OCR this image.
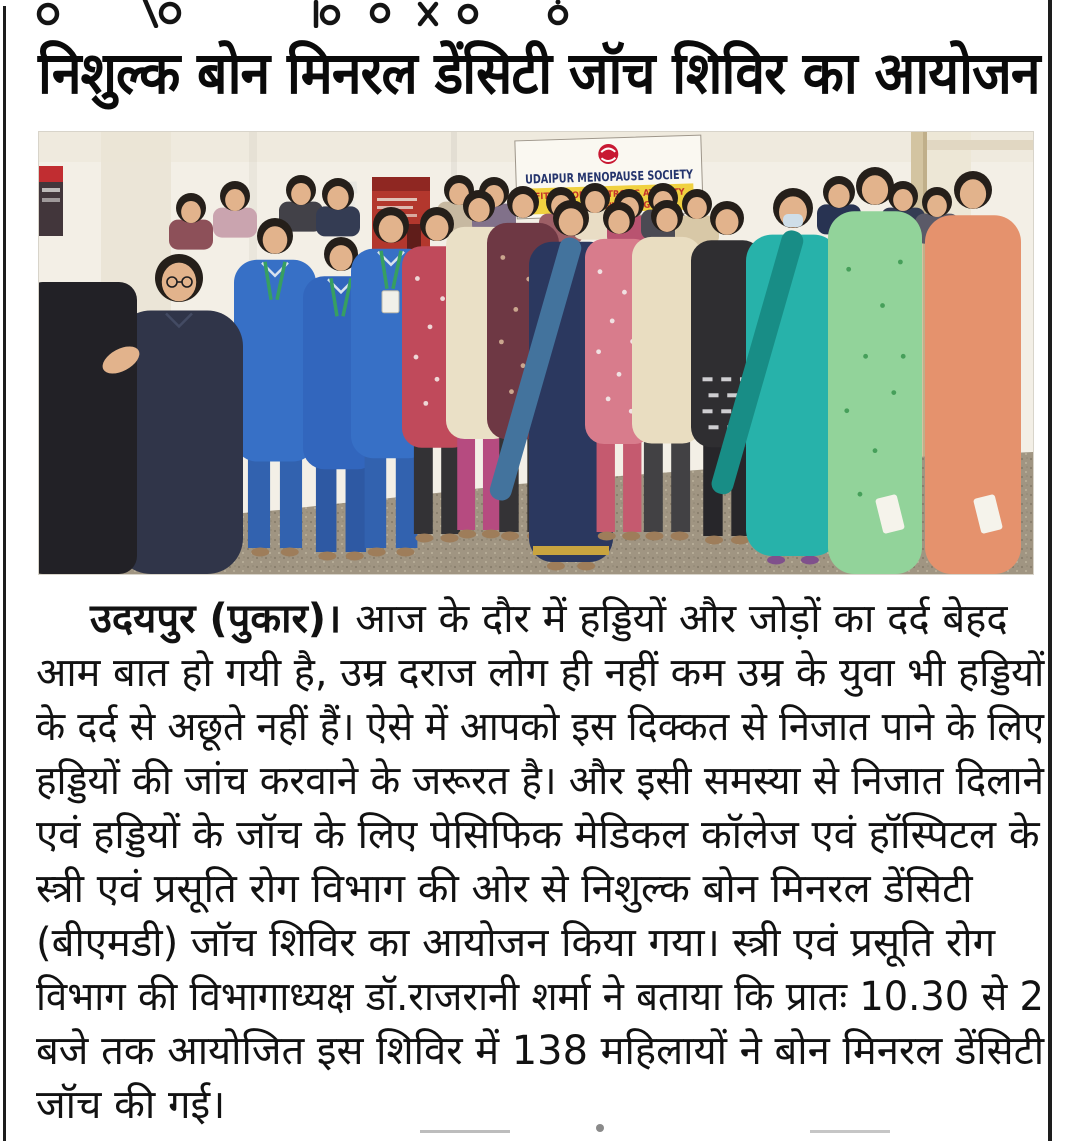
निशुल्क बोन मिनरल डेंसिटी जॉच शिविर का आयोजन
UDAIPUR MENOPAUSE SOCIETY
FIT AT FORTY, STRONG AT SIXTY
उदयपुर (पुकार)। आज के दौर में हड्डियों और जोड़ों का दर्द बेहद
आम बात हो गयी है, उम्र दराज लोग ही नहीं कम उम्र के युवा भी हड्डियों
के दर्द से अछूते नहीं हैं। ऐसे में आपको इस दिक्कत से निजात पाने के लिए
हड्डियों की जांच करवाने के जरूरत है। और इसी समस्या से निजात दिलाने
एवं हड्डियों के जॉच के लिए पेसिफिक मेडिकल कॉलेज एवं हॉस्पिटल के
स्त्री एवं प्रसूति रोग विभाग की ओर से निशुल्क बोन मिनरल डेंसिटी
(बीएमडी) जॉच शिविर का आयोजन किया गया। स्त्री एवं प्रसूति रोग
विभाग की विभागाध्यक्ष डॉ.राजरानी शर्मा ने बताया कि प्रातः 10.30 से 2
बजे तक आयोजित इस शिविर में 138 महिलायों ने बोन मिनरल डेंसिटी
जॉच की गई।
